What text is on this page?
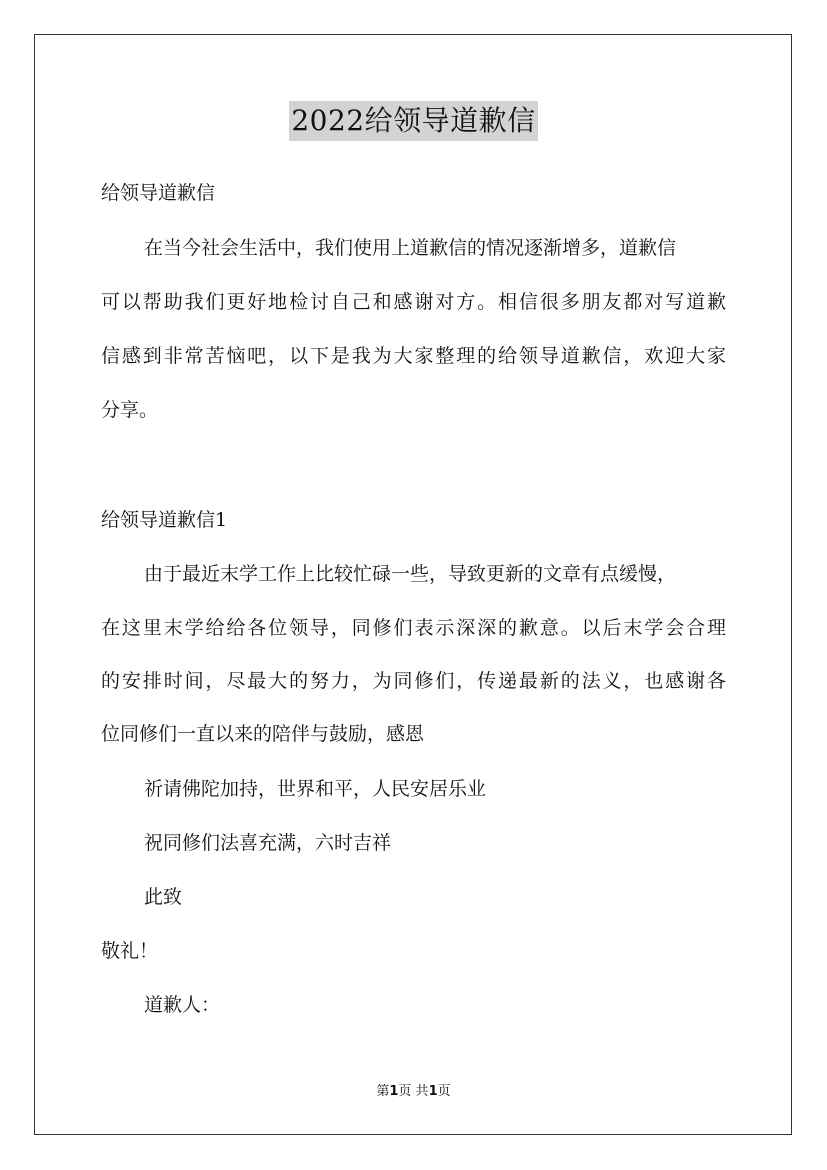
2022给领导道歉信
给领导道歉信
在当今社会生活中，我们使用上道歉信的情况逐渐增多，道歉信
可以帮助我们更好地检讨自己和感谢对方。相信很多朋友都对写道歉
信感到非常苦恼吧，以下是我为大家整理的给领导道歉信，欢迎大家
分享。
给领导道歉信1
由于最近末学工作上比较忙碌一些，导致更新的文章有点缓慢，
在这里末学给给各位领导，同修们表示深深的歉意。以后末学会合理
的安排时间，尽最大的努力，为同修们，传递最新的法义，也感谢各
位同修们一直以来的陪伴与鼓励，感恩
祈请佛陀加持，世界和平，人民安居乐业
祝同修们法喜充满，六时吉祥
此致
敬礼！
道歉人：
第1页 共1页
